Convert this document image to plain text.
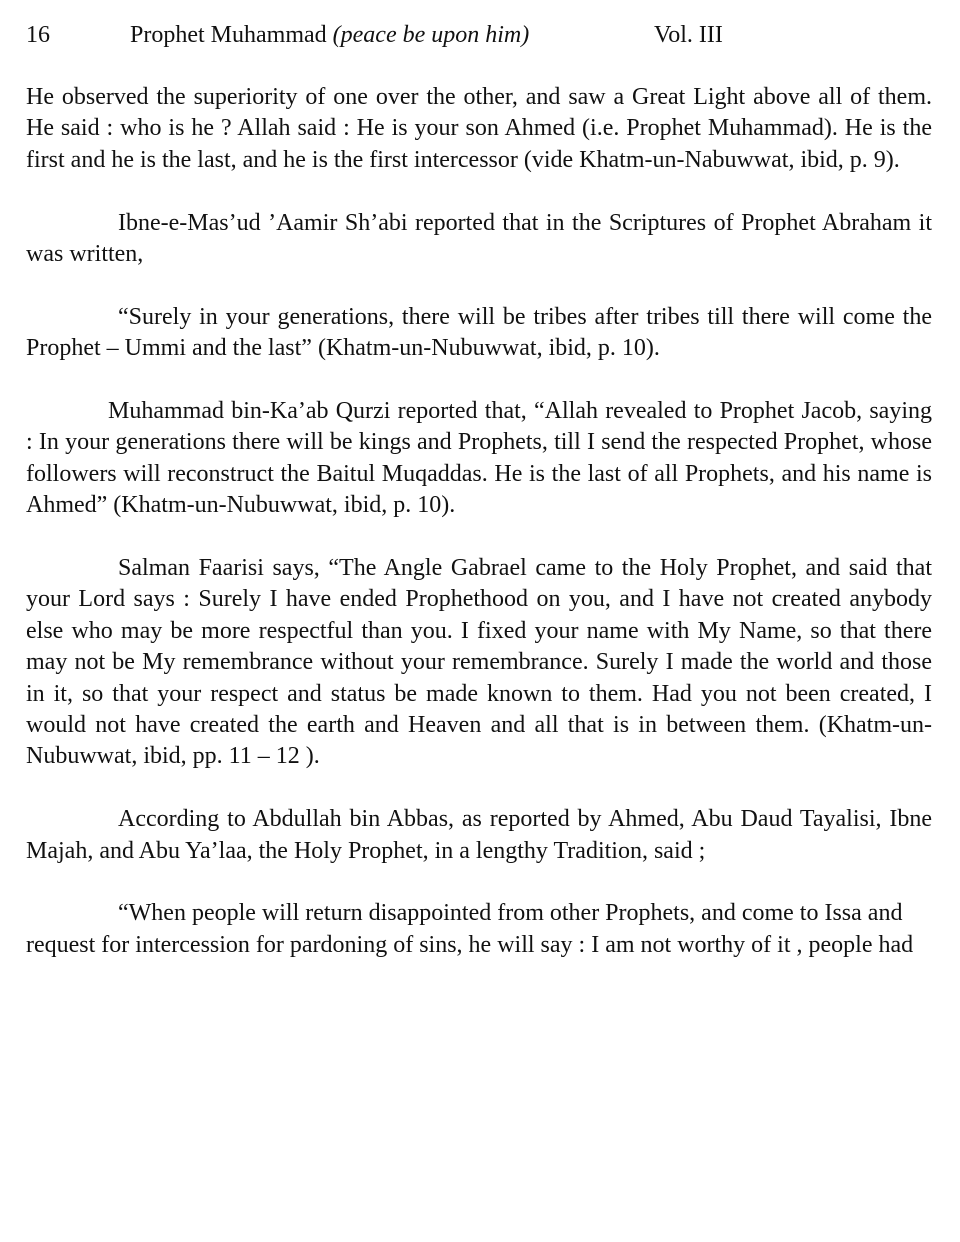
16	Prophet Muhammad (peace be upon him)	Vol. III

He observed the superiority of one over the other, and saw a Great Light above all of them. He said : who is he ? Allah said : He is your son Ahmed (i.e. Prophet Muhammad). He is the first and he is the last, and he is the first intercessor (vide Khatm-un-Nabuwwat, ibid, p. 9).

Ibne-e-Mas’ud ’Aamir Sh’abi reported that in the Scriptures of Prophet Abraham it was written,

“Surely in your generations, there will be tribes after tribes till there will come the Prophet – Ummi and the last” (Khatm-un-Nubuwwat, ibid, p. 10).

Muhammad bin-Ka’ab Qurzi reported that, “Allah revealed to Prophet Jacob, saying : In your generations there will be kings and Prophets, till I send the respected Prophet, whose followers will reconstruct the Baitul Muqaddas. He is the last of all Prophets, and his name is Ahmed” (Khatm-un-Nubuwwat, ibid, p. 10).

Salman Faarisi says, “The Angle Gabrael came to the Holy Prophet, and said that your Lord says : Surely I have ended Prophethood on you, and I have not created anybody else who may be more respectful than you. I fixed your name with My Name, so that there may not be My remembrance without your remembrance. Surely I made the world and those in it, so that your respect and status be made known to them. Had you not been created, I would not have created the earth and Heaven and all that is in between them. (Khatm-un-Nubuwwat, ibid, pp. 11 – 12 ).

According to Abdullah bin Abbas, as reported by Ahmed, Abu Daud Tayalisi, Ibne Majah, and Abu Ya’laa, the Holy Prophet, in a lengthy Tradition, said ;

“When people will return disappointed from other Prophets, and come to Issa and request for intercession for pardoning of sins, he will say : I am not worthy of it , people had
